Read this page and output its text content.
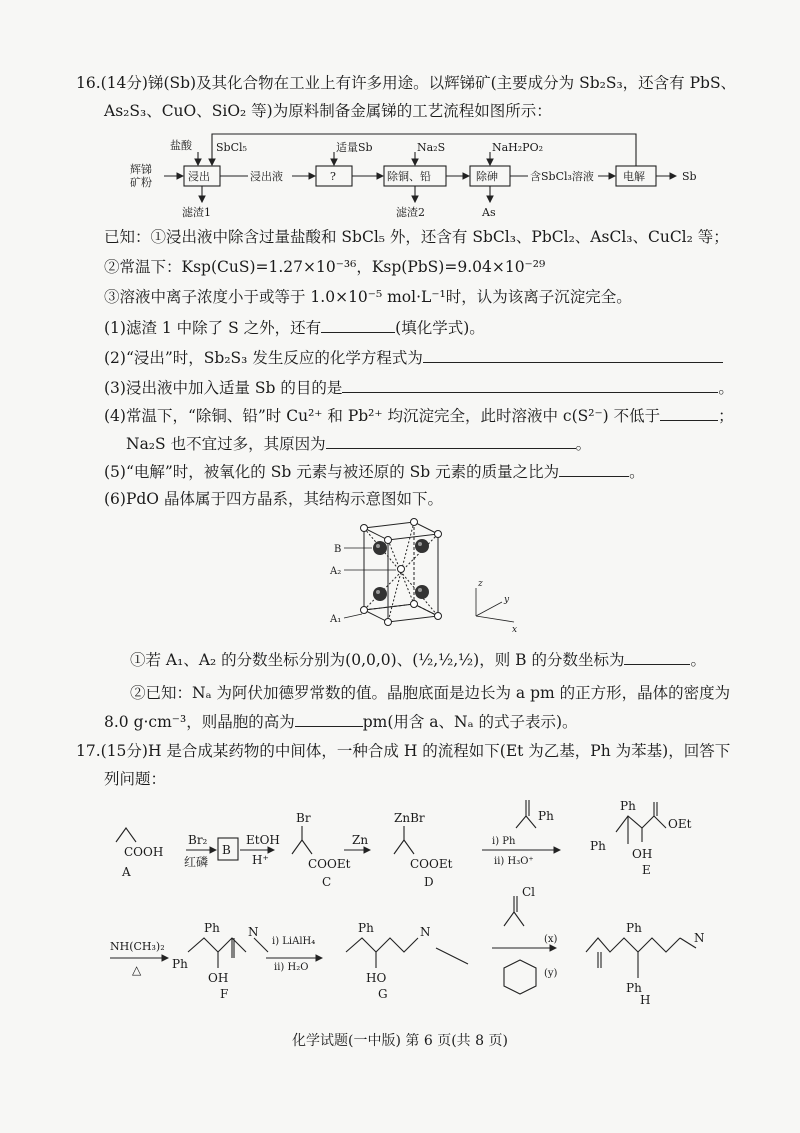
16.(14分)锑(Sb)及其化合物在工业上有许多用途。以辉锑矿(主要成分为 Sb₂S₃，还含有 PbS、
As₂S₃、CuO、SiO₂ 等)为原料制备金属锑的工艺流程如图所示：
盐酸 SbCl₅	适量Sb	Na₂S	NaH₂PO₂
辉锑
矿粉	浸出	?	除铜、铅	除砷	电解
浸出液	含SbCl₃溶液	Sb
滤渣1	滤渣2	As
已知：①浸出液中除含过量盐酸和 SbCl₅ 外，还含有 SbCl₃、PbCl₂、AsCl₃、CuCl₂ 等；
②常温下：Ksp(CuS)=1.27×10⁻³⁶，Ksp(PbS)=9.04×10⁻²⁹
③溶液中离子浓度小于或等于 1.0×10⁻⁵ mol·L⁻¹时，认为该离子沉淀完全。
(1)滤渣 1 中除了 S 之外，还有	(填化学式)。
(2)“浸出”时，Sb₂S₃ 发生反应的化学方程式为
(3)浸出液中加入适量 Sb 的目的是	。
(4)常温下，“除铜、铅”时 Cu²⁺ 和 Pb²⁺ 均沉淀完全，此时溶液中 c(S²⁻) 不低于	；
Na₂S 也不宜过多，其原因为	。
(5)“电解”时，被氧化的 Sb 元素与被还原的 Sb 元素的质量之比为	。
(6)PdO 晶体属于四方晶系，其结构示意图如下。
B
A₂
A₁
z
y
x
①若 A₁、A₂ 的分数坐标分别为(0,0,0)、(½,½,½)，则 B 的分数坐标为	。
②已知：Nₐ 为阿伏加德罗常数的值。晶胞底面是边长为 a pm 的正方形，晶体的密度为
8.0 g·cm⁻³，则晶胞的高为	pm(用含 a、Nₐ 的式子表示)。
17.(15分)H 是合成某药物的中间体，一种合成 H 的流程如下(Et 为乙基，Ph 为苯基)，回答下
列问题：
COOH
Br₂
红磷
B
EtOH
H⁺
Br
COOEt
Zn
ZnBr
COOEt
Ph
ⅰ) Ph
ⅱ) H₃O⁺
Ph
Ph
OEt
OH
NH(CH₃)₂
△	Ph
Ph N
OH
ⅰ) LiAlH₄
ⅱ) H₂O
Ph	N
HO
Cl
(x)
(y)
Ph
Ph
N
A
C	D
E
F	G	H
化学试题(一中版) 第 6 页(共 8 页)
